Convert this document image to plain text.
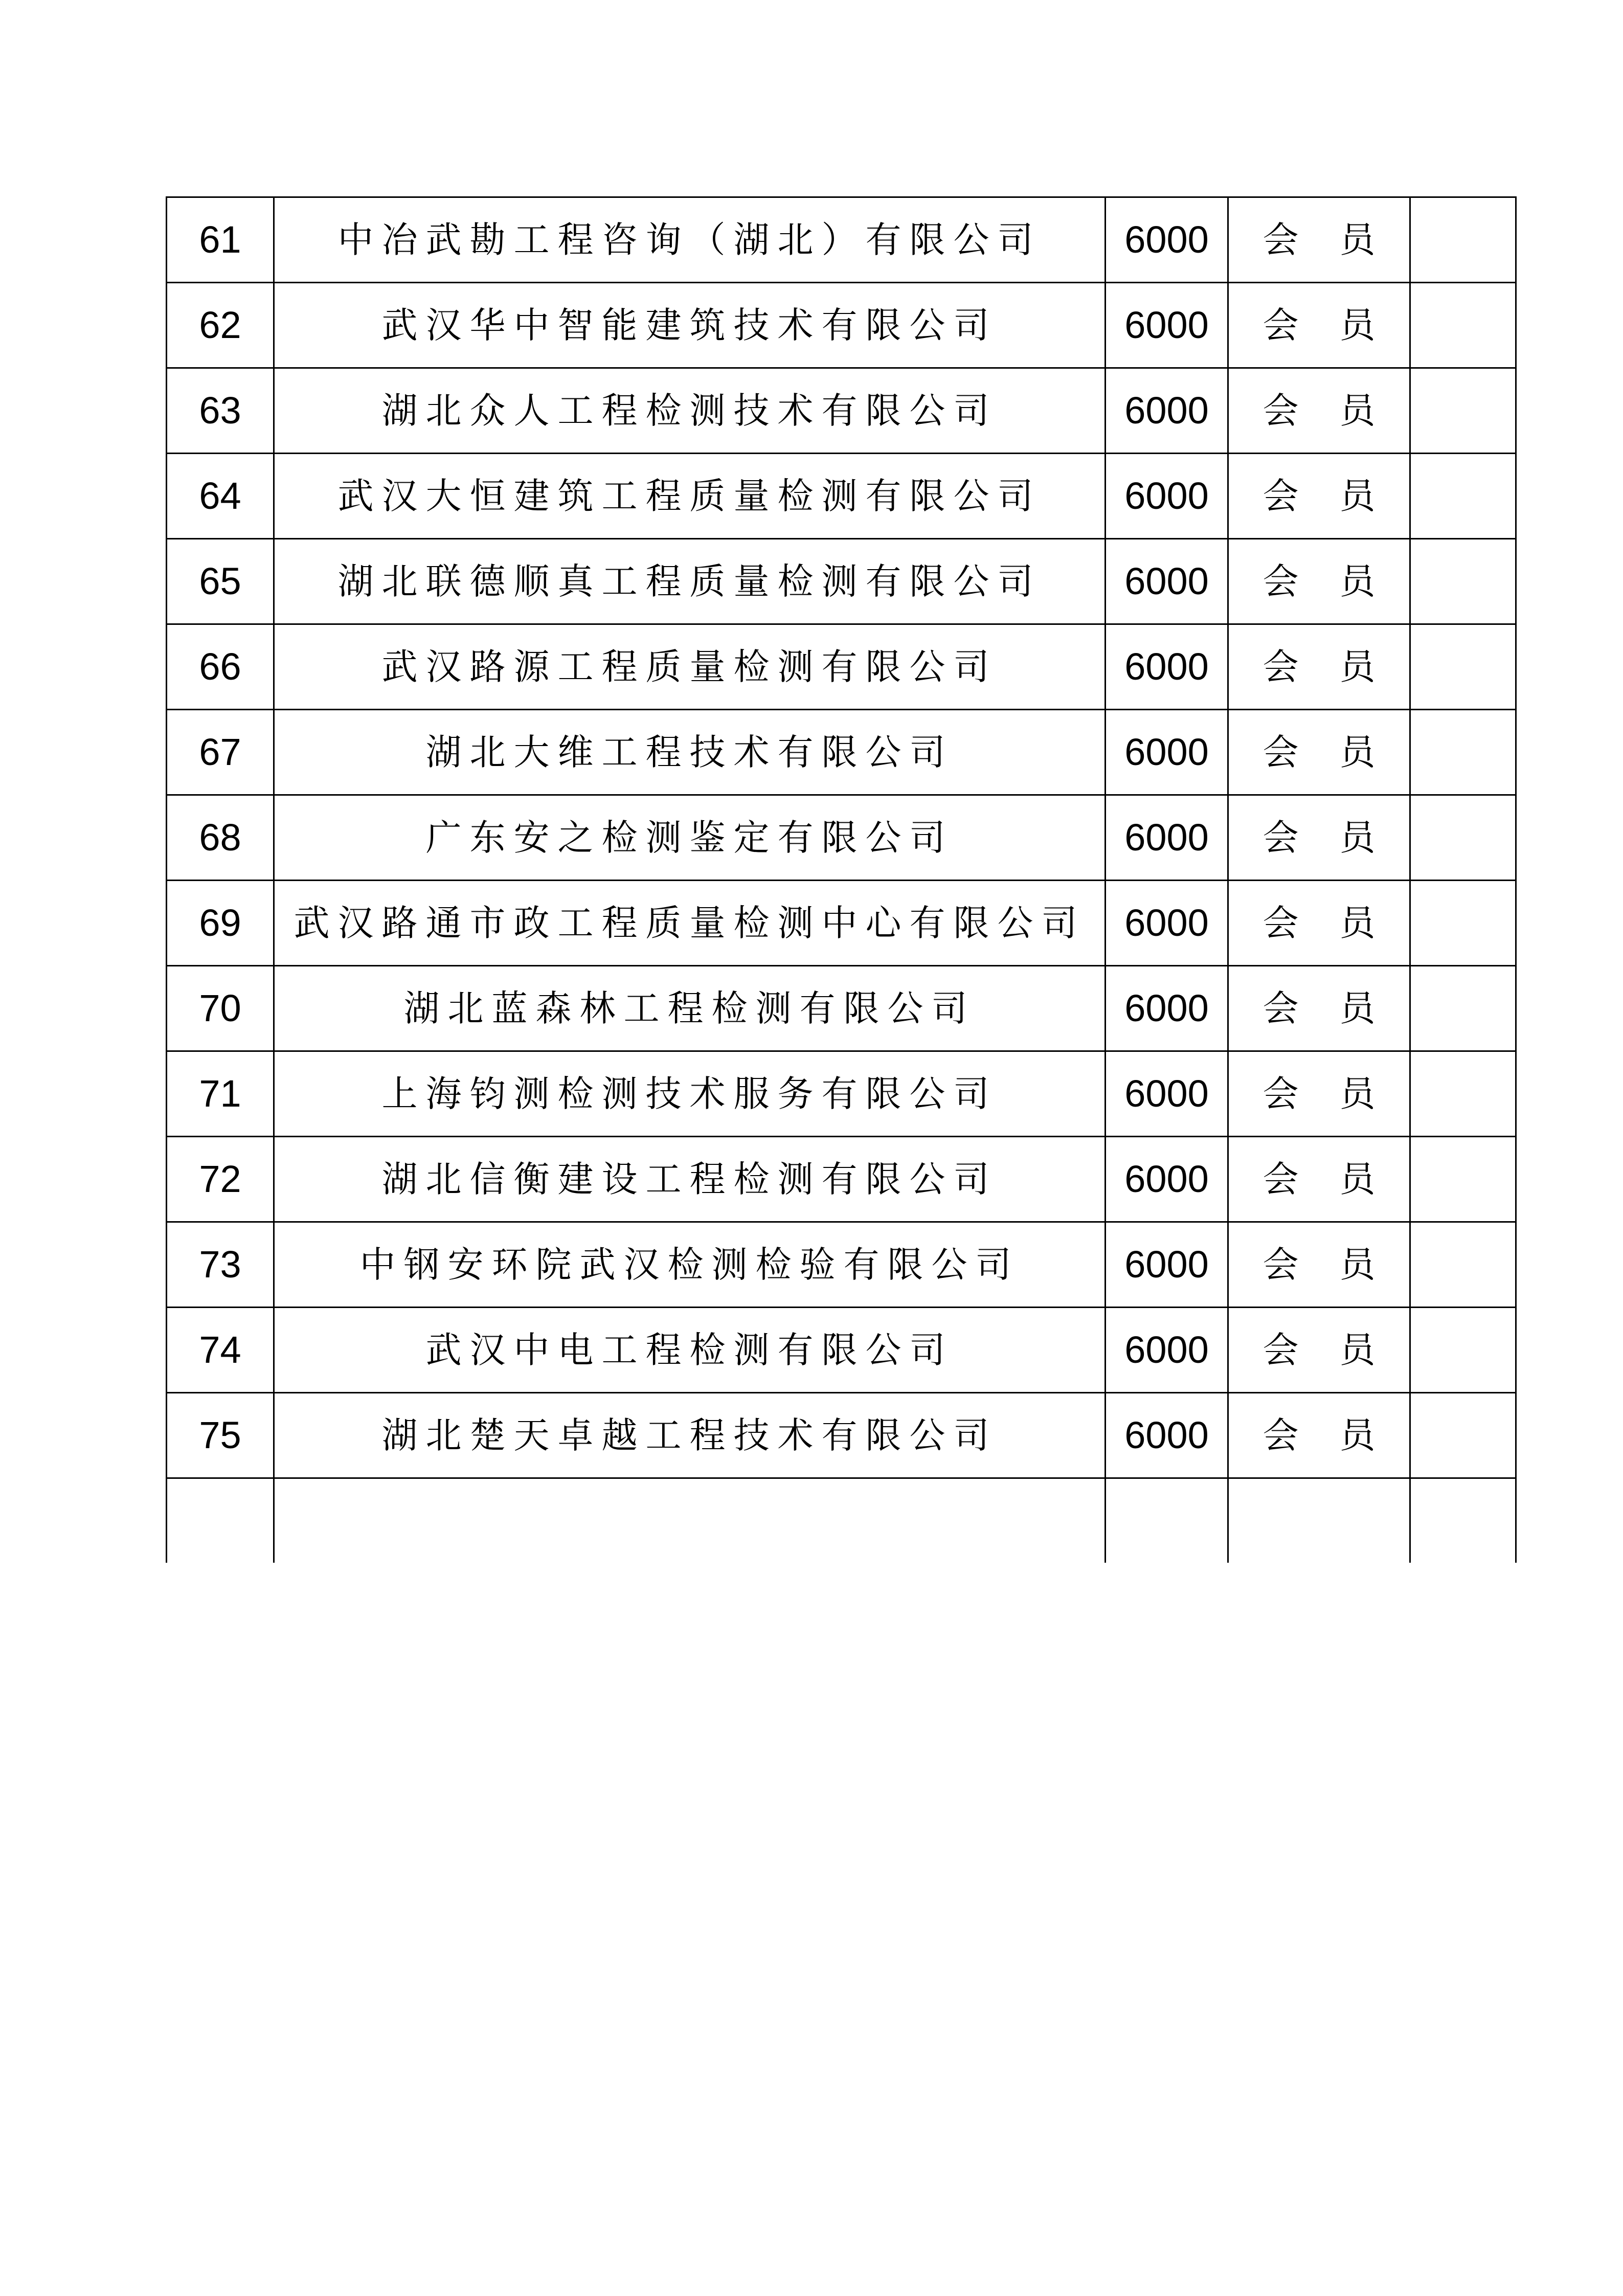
61	中冶武勘工程咨询（湖北）有限公司	6000	会 员	
62	武汉华中智能建筑技术有限公司	6000	会 员	
63	湖北众人工程检测技术有限公司	6000	会 员	
64	武汉大恒建筑工程质量检测有限公司	6000	会 员	
65	湖北联德顺真工程质量检测有限公司	6000	会 员	
66	武汉路源工程质量检测有限公司	6000	会 员	
67	湖北大维工程技术有限公司	6000	会 员	
68	广东安之检测鉴定有限公司	6000	会 员	
69	武汉路通市政工程质量检测中心有限公司	6000	会 员	
70	湖北蓝森林工程检测有限公司	6000	会 员	
71	上海钧测检测技术服务有限公司	6000	会 员	
72	湖北信衡建设工程检测有限公司	6000	会 员	
73	中钢安环院武汉检测检验有限公司	6000	会 员	
74	武汉中电工程检测有限公司	6000	会 员	
75	湖北楚天卓越工程技术有限公司	6000	会 员	
